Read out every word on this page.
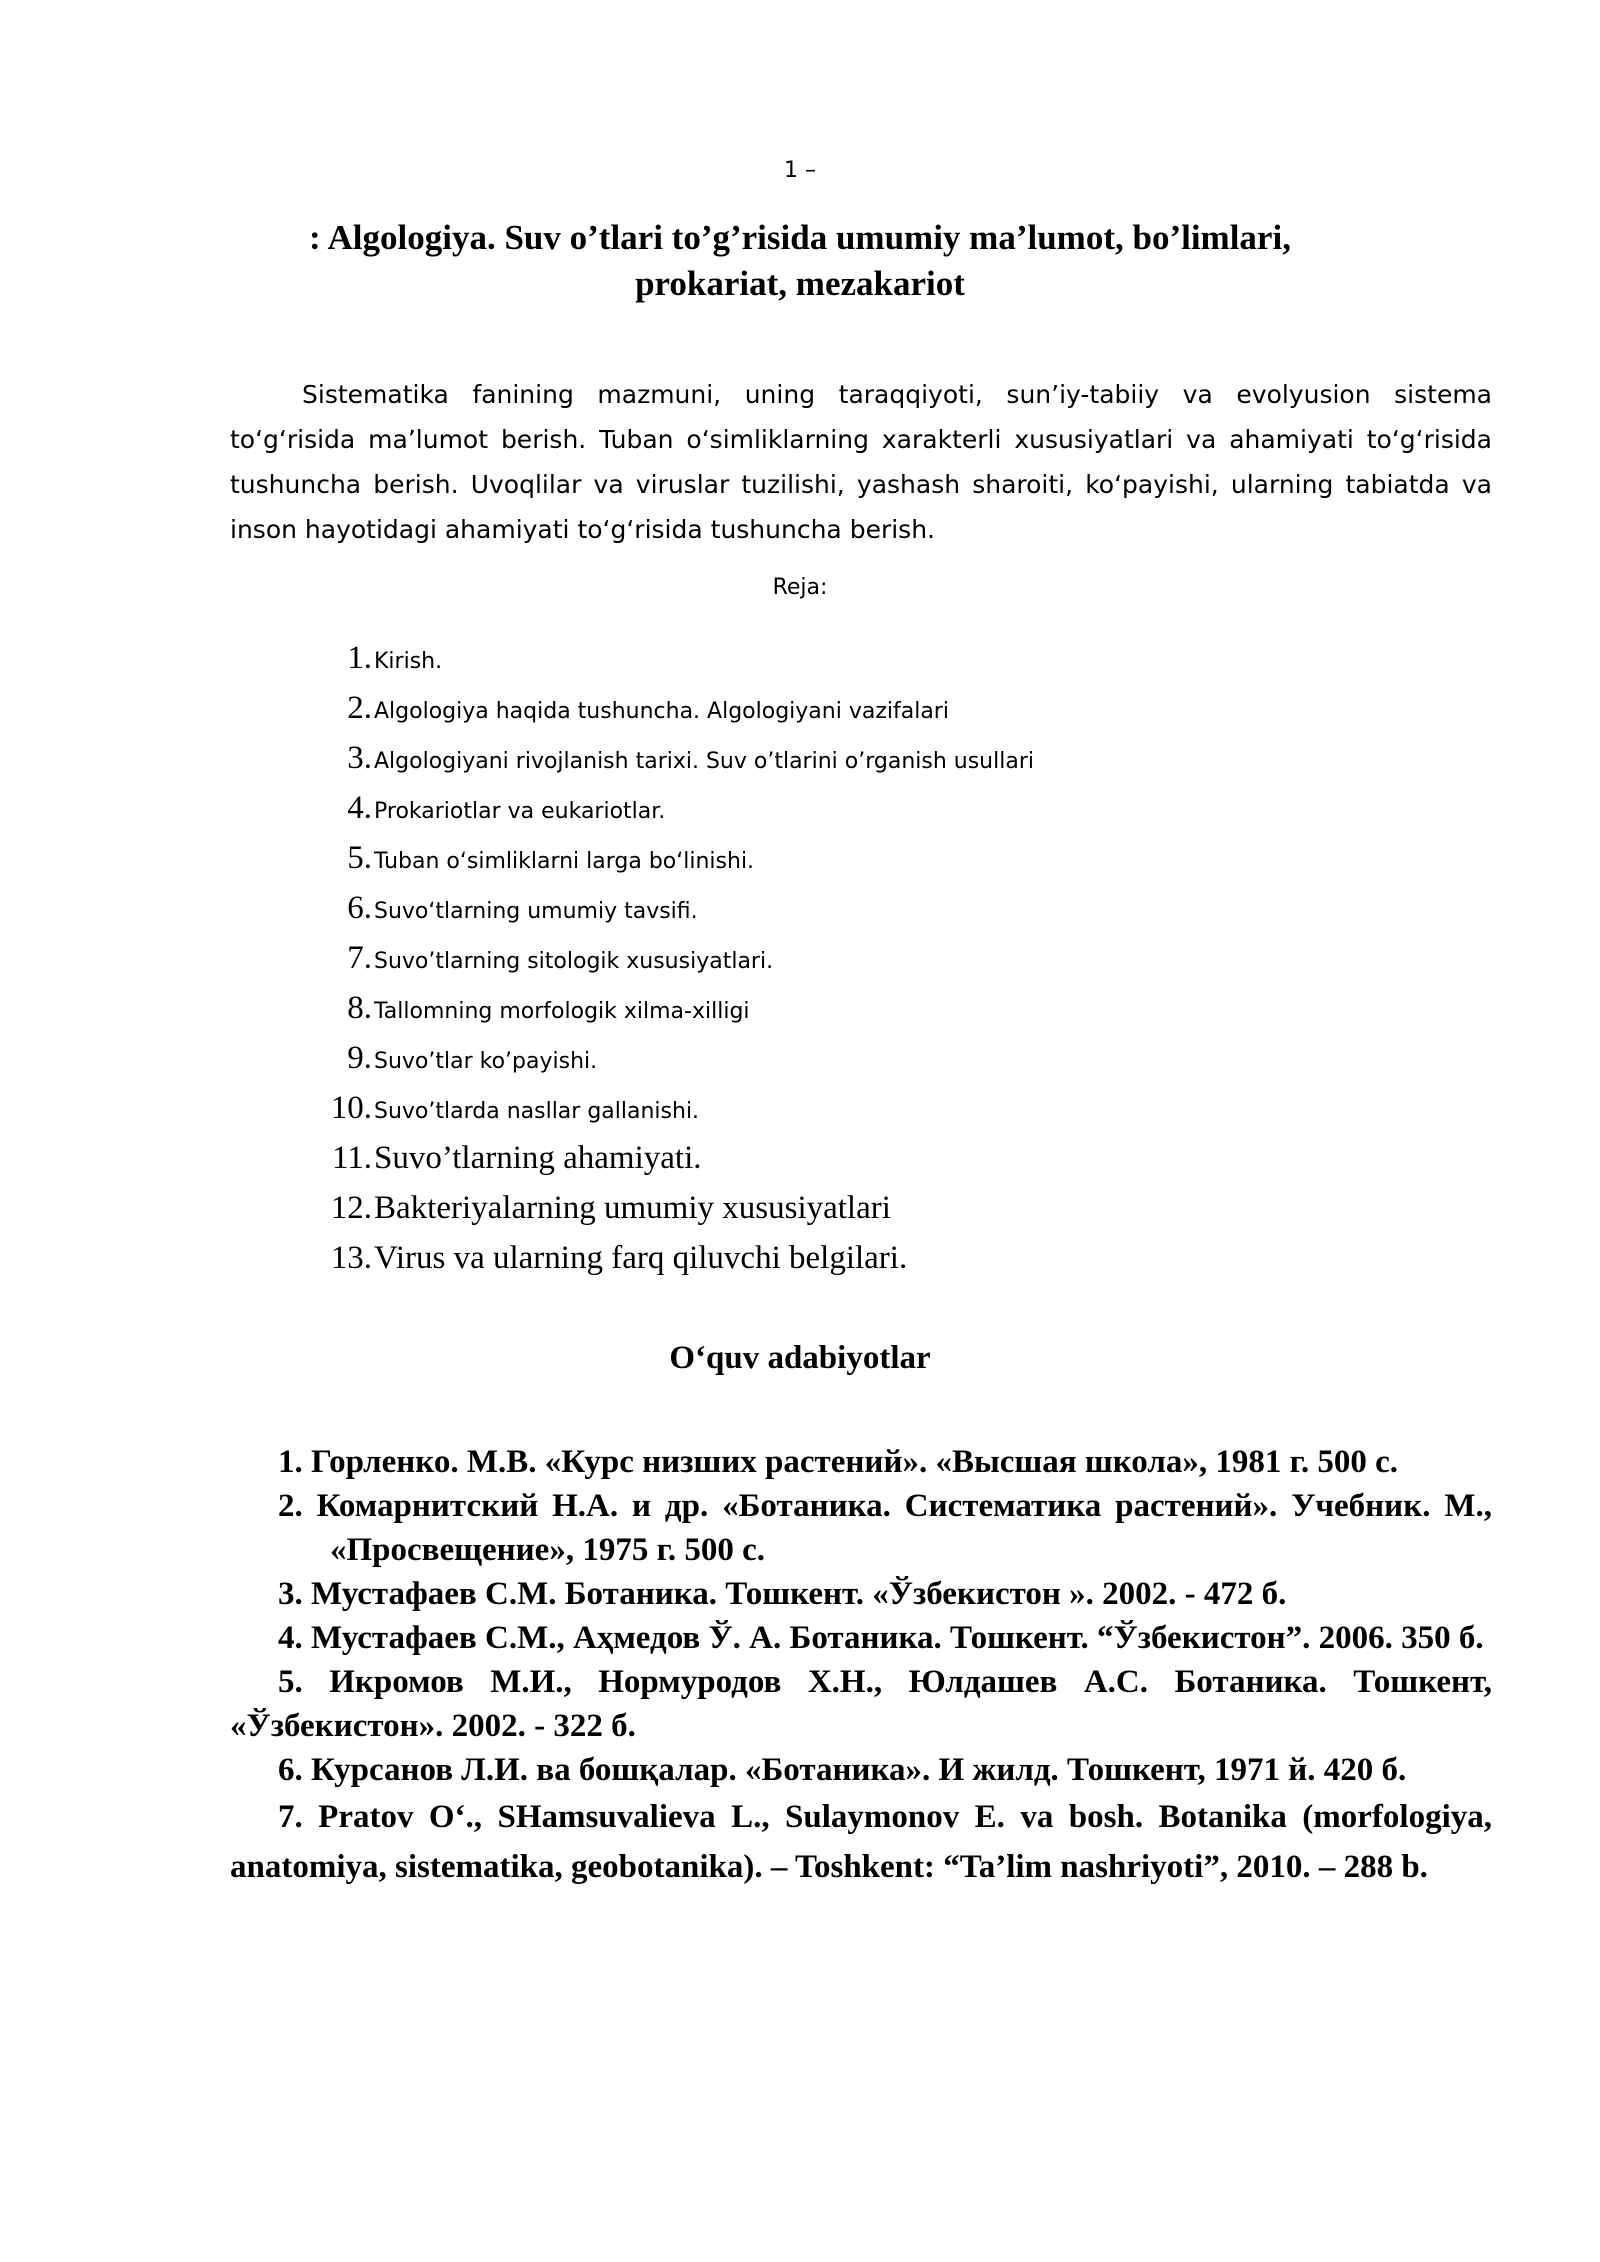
1 –
: Algologiya. Suv o’tlari to’g’risida umumiy ma’lumot, bo’limlari, prokariat, mezakariot

Sistematika fanining mazmuni, uning taraqqiyoti, sun’iy-tabiiy va evolyusion sistema toʻgʻrisida maʼlumot berish. Tuban oʻsimliklarning xarakterli xususiyatlari va ahamiyati toʻgʻrisida tushuncha berish. Uvoqlilar va viruslar tuzilishi, yashash sharoiti, koʻpayishi, ularning tabiatda va inson hayotidagi ahamiyati toʻgʻrisida tushuncha berish.

Reja:
1. Kirish.
2. Algologiya haqida tushuncha. Algologiyani vazifalari
3. Algologiyani rivojlanish tarixi. Suv o’tlarini o’rganish usullari
4. Prokariotlar va eukariotlar.
5. Tuban oʻsimliklarni larga boʻlinishi.
6. Suvoʻtlarning umumiy tavsifi.
7. Suvo’tlarning sitologik xususiyatlari.
8. Tallomning morfologik xilma-xilligi
9. Suvo’tlar ko’payishi.
10. Suvo’tlarda nasllar gallanishi.
11. Suvo’tlarning ahamiyati.
12. Bakteriyalarning umumiy xususiyatlari
13. Virus va ularning farq qiluvchi belgilari.
Oʻquv adabiyotlar

1. Горленко. М.В. «Курс низших растений». «Высшая школа», 1981 г. 500 с.

2. Комарнитский Н.А. и др. «Ботаника. Систематика растений». Учебник. М., «Просвещение», 1975 г. 500 с.

3. Мустафаев С.М. Ботаника. Тошкент. «Ўзбекистон ». 2002. - 472 б.

4. Мустафаев С.М., Аҳмедов Ў. А. Ботаника. Тошкент. “Ўзбекистон”. 2006. 350 б.

5. Икромов М.И., Нормуродов Х.Н., Юлдашев А.С. Ботаника. Тошкент, «Ўзбекистон». 2002. - 322 б.

6. Курсанов Л.И. ва бошқалар. «Ботаника». И жилд. Тошкент, 1971 й. 420 б.

7. Pratov Oʻ., SHamsuvalieva L., Sulaymonov E. va bosh. Botanika (morfologiya, anatomiya, sistematika, geobotanika). – Toshkent: “Ta’lim nashriyoti”, 2010. – 288 b.
